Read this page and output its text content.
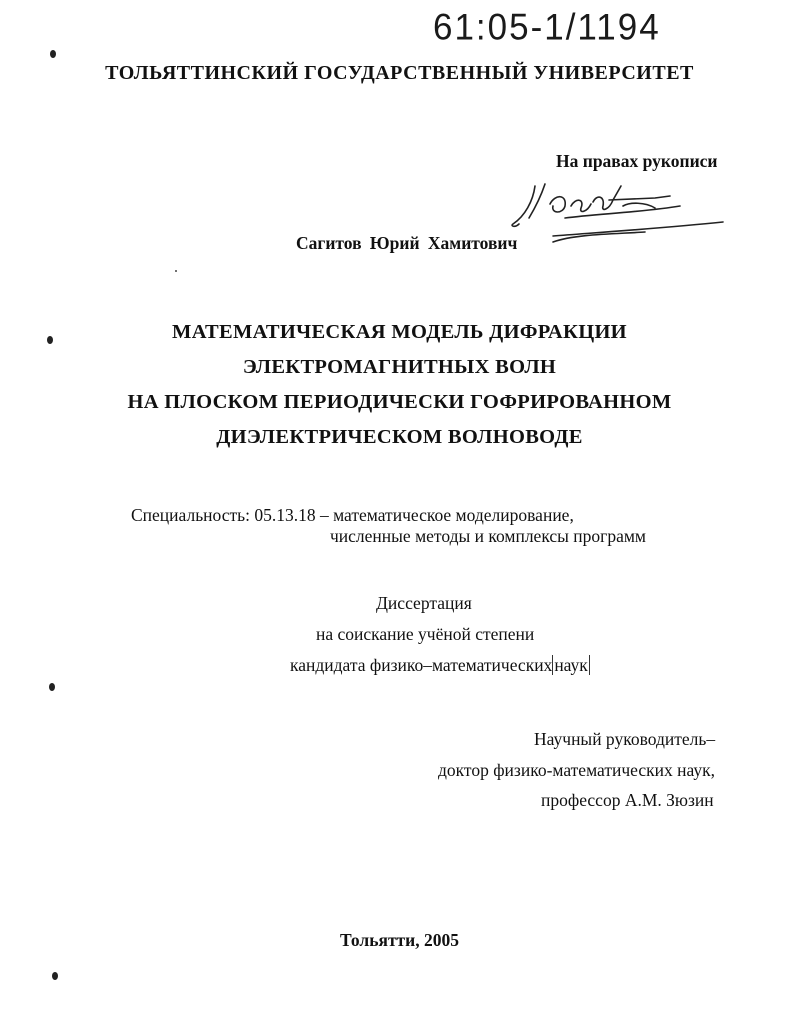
61:05-1/1194
ТОЛЬЯТТИНСКИЙ ГОСУДАРСТВЕННЫЙ УНИВЕРСИТЕТ
На правах рукописи
Сагитов Юрий Хамитович
МАТЕМАТИЧЕСКАЯ МОДЕЛЬ ДИФРАКЦИИ
ЭЛЕКТРОМАГНИТНЫХ ВОЛН
НА ПЛОСКОМ ПЕРИОДИЧЕСКИ ГОФРИРОВАННОМ
ДИЭЛЕКТРИЧЕСКОМ ВОЛНОВОДЕ
Специальность: 05.13.18 – математическое моделирование,
численные методы и комплексы программ
Диссертация
на соискание учёной степени
кандидата физико–математических наук
Научный руководитель–
доктор физико-математических наук,
профессор А.М. Зюзин
Тольятти, 2005
